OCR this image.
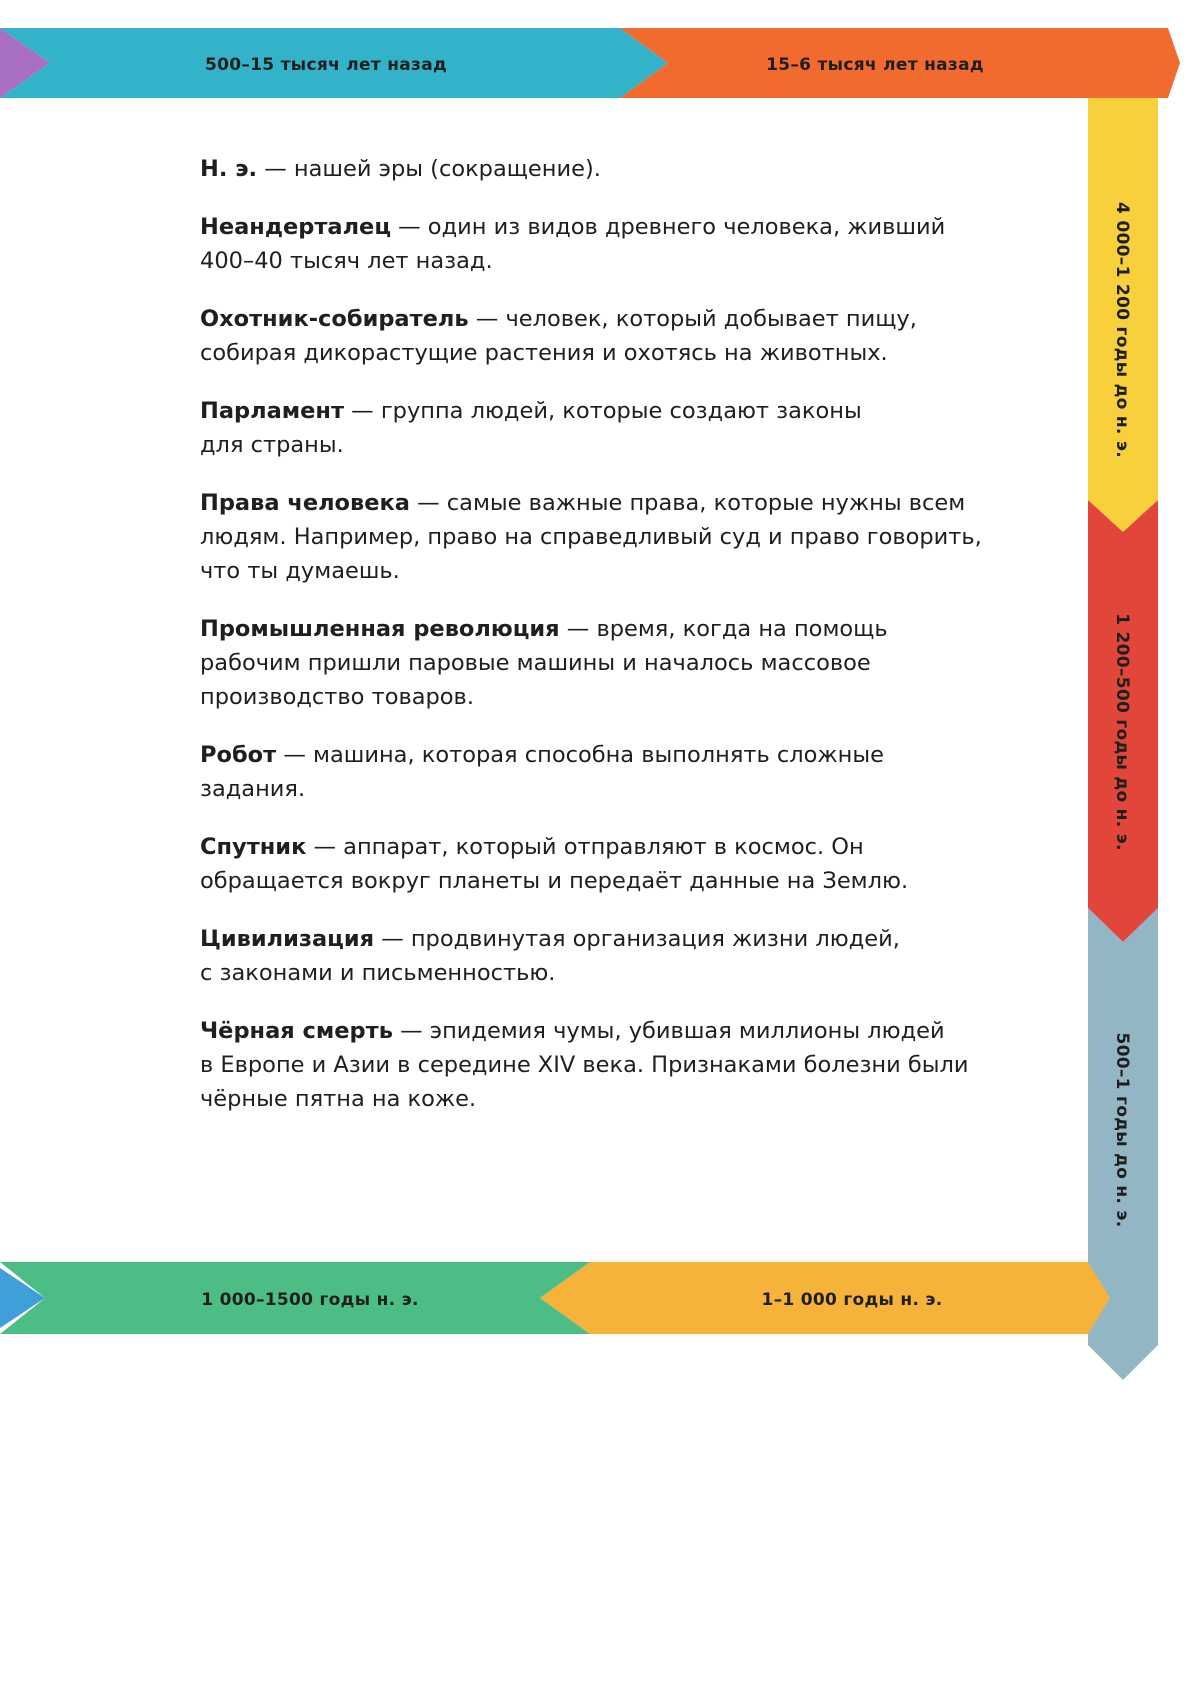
500–15 тысяч лет назад	15–6 тысяч лет назад
4 000–1 200 годы до н. э.
1 200–500 годы до н. э.
500–1 годы до н. э.
1–1 000 годы н. э.
1 000–1500 годы н. э.

Н. э. — нашей эры (сокращение).

Неандерталец — один из видов древнего человека, живший
400–40 тысяч лет назад.

Охотник-собиратель — человек, который добывает пищу,
собирая дикорастущие растения и охотясь на животных.

Парламент — группа людей, которые создают законы
для страны.

Права человека — самые важные права, которые нужны всем
людям. Например, право на справедливый суд и право говорить,
что ты думаешь.

Промышленная революция — время, когда на помощь
рабочим пришли паровые машины и началось массовое
производство товаров.

Робот — машина, которая способна выполнять сложные
задания.

Спутник — аппарат, который отправляют в космос. Он
обращается вокруг планеты и передаёт данные на Землю.

Цивилизация — продвинутая организация жизни людей,
с законами и письменностью.

Чёрная смерть — эпидемия чумы, убившая миллионы людей
в Европе и Азии в середине XIV века. Признаками болезни были
чёрные пятна на коже.
